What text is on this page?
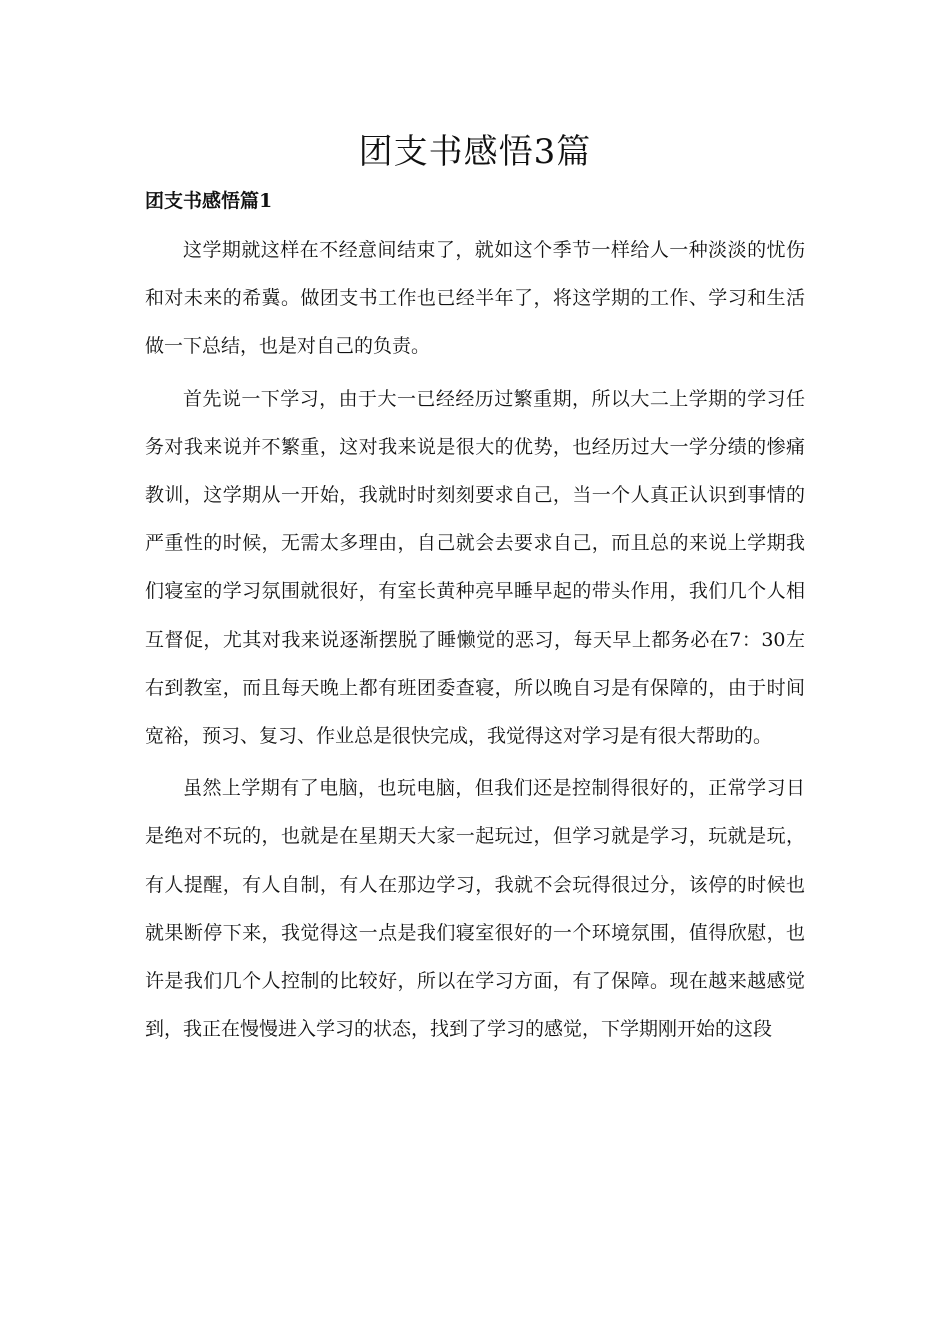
团支书感悟3篇
团支书感悟篇1

这学期就这样在不经意间结束了，就如这个季节一样给人一种淡淡的忧伤和对未来的希冀。做团支书工作也已经半年了，将这学期的工作、学习和生活做一下总结，也是对自己的负责。

首先说一下学习，由于大一已经经历过繁重期，所以大二上学期的学习任务对我来说并不繁重，这对我来说是很大的优势，也经历过大一学分绩的惨痛教训，这学期从一开始，我就时时刻刻要求自己，当一个人真正认识到事情的严重性的时候，无需太多理由，自己就会去要求自己，而且总的来说上学期我们寝室的学习氛围就很好，有室长黄种亮早睡早起的带头作用，我们几个人相互督促，尤其对我来说逐渐摆脱了睡懒觉的恶习，每天早上都务必在7：30左右到教室，而且每天晚上都有班团委查寝，所以晚自习是有保障的，由于时间宽裕，预习、复习、作业总是很快完成，我觉得这对学习是有很大帮助的。

虽然上学期有了电脑，也玩电脑，但我们还是控制得很好的，正常学习日是绝对不玩的，也就是在星期天大家一起玩过，但学习就是学习，玩就是玩，有人提醒，有人自制，有人在那边学习，我就不会玩得很过分，该停的时候也就果断停下来，我觉得这一点是我们寝室很好的一个环境氛围，值得欣慰，也许是我们几个人控制的比较好，所以在学习方面，有了保障。现在越来越感觉到，我正在慢慢进入学习的状态，找到了学习的感觉，下学期刚开始的这段
